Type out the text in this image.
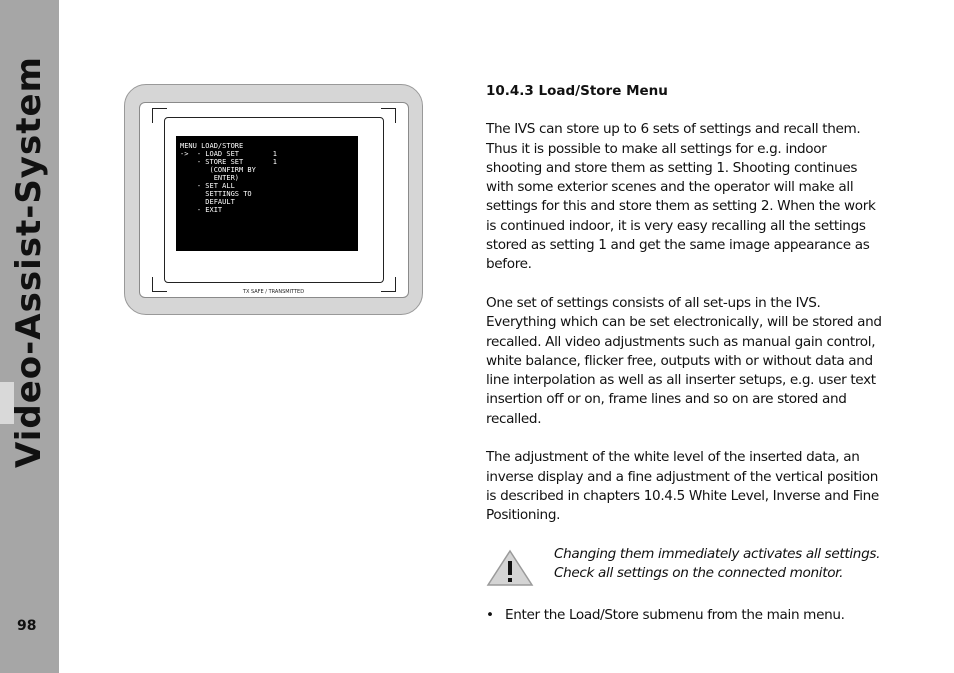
Video-Assist-System
98
MENU LOAD/STORE
->  - LOAD SET        1
- STORE SET       1
(CONFIRM BY
ENTER)
- SET ALL
SETTINGS TO
DEFAULT
- EXIT
TX SAFE / TRANSMITTED
10.4.3 Load/Store Menu

The IVS can store up to 6 sets of settings and recall them. Thus it is possible to make all settings for e.g. indoor shooting and store them as setting 1. Shooting continues with some exterior scenes and the operator will make all settings for this and store them as setting 2. When the work is continued indoor, it is very easy recalling all the settings stored as setting 1 and get the same image appearance as before.

One set of settings consists of all set-ups in the IVS. Everything which can be set electronically, will be stored and recalled. All video adjustments such as manual gain control, white balance, flicker free, outputs with or without data and line interpolation as well as all inserter setups, e.g. user text insertion off or on, frame lines and so on are stored and recalled.

The adjustment of the white level of the inserted data, an inverse display and a fine adjustment of the vertical position is described in chapters 10.4.5 White Level, Inverse and Fine Positioning.

Changing them immediately activates all settings. Check all settings on the connected monitor.
• Enter the Load/Store submenu from the main menu.
